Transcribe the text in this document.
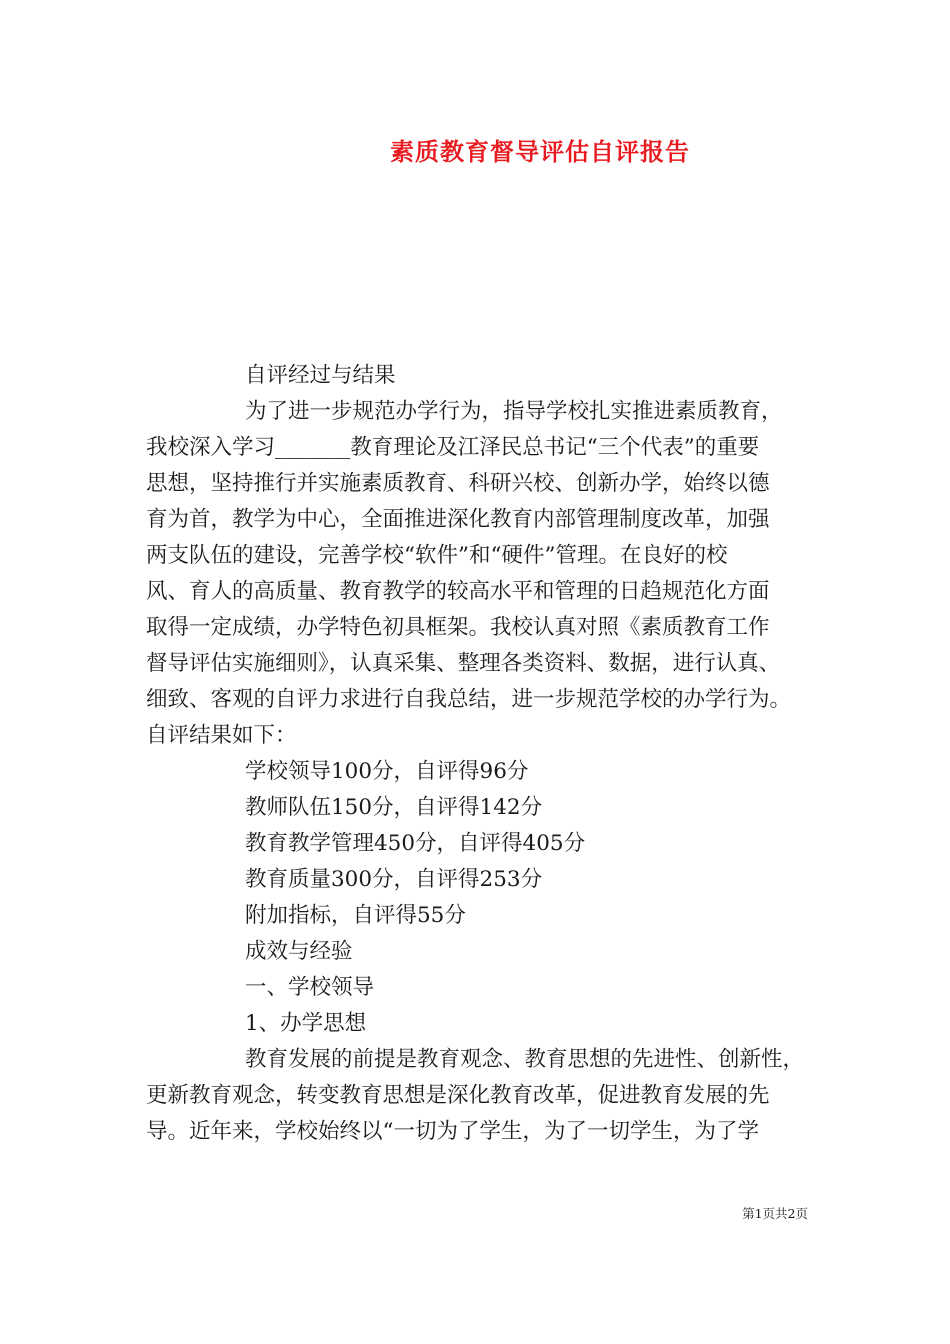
素质教育督导评估自评报告
自评经过与结果
为了进一步规范办学行为，指导学校扎实推进素质教育，
我校深入学习_______教育理论及江泽民总书记“三个代表”的重要
思想，坚持推行并实施素质教育、科研兴校、创新办学，始终以德
育为首，教学为中心，全面推进深化教育内部管理制度改革，加强
两支队伍的建设，完善学校“软件”和“硬件”管理。在良好的校
风、育人的高质量、教育教学的较高水平和管理的日趋规范化方面
取得一定成绩，办学特色初具框架。我校认真对照《素质教育工作
督导评估实施细则》，认真采集、整理各类资料、数据，进行认真、
细致、客观的自评力求进行自我总结，进一步规范学校的办学行为。
自评结果如下：
学校领导100分，自评得96分
教师队伍150分，自评得142分
教育教学管理450分，自评得405分
教育质量300分，自评得253分
附加指标，自评得55分
成效与经验
一、学校领导
1、办学思想
教育发展的前提是教育观念、教育思想的先进性、创新性，
更新教育观念，转变教育思想是深化教育改革，促进教育发展的先
导。近年来，学校始终以“一切为了学生，为了一切学生，为了学
第1页共2页
